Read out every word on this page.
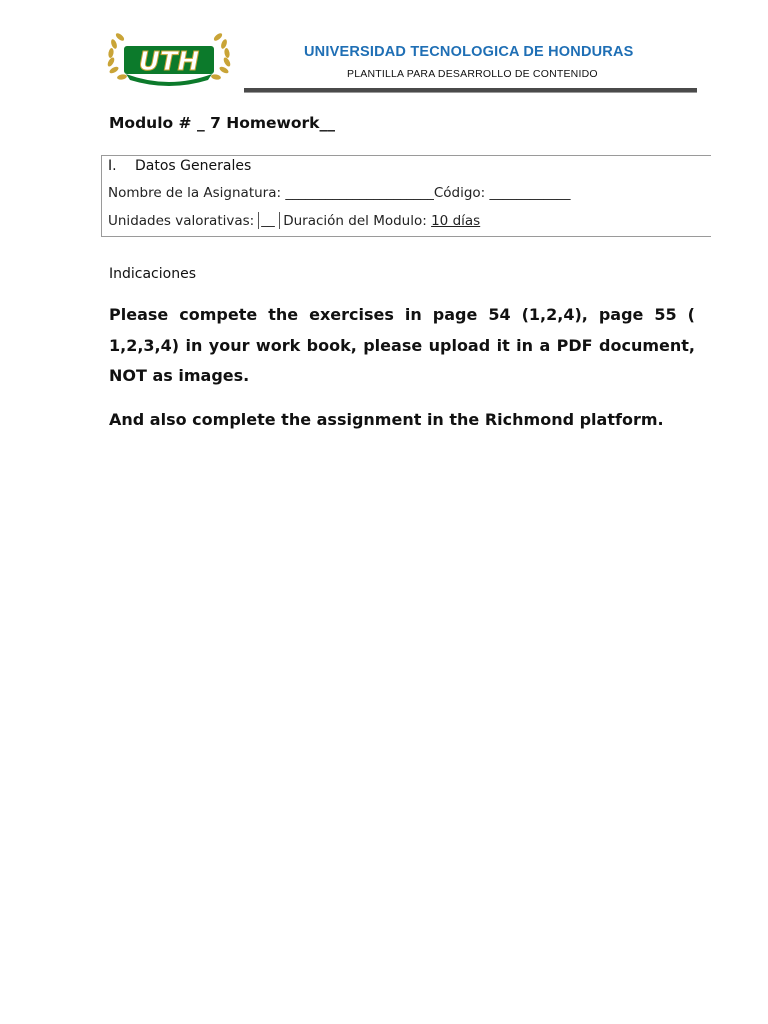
UTH	UNIVERSIDAD TECNOLOGICA DE HONDURAS
PLANTILLA PARA DESARROLLO DE CONTENIDO
Modulo # _ 7 Homework__
I. Datos Generales
Nombre de la Asignatura: ______________________Código: ____________
Unidades valorativas: __ Duración del Modulo: 10 días
Indicaciones

Please compete the exercises in page 54 (1,2,4), page 55 ( 1,2,3,4) in your work book, please upload it in a PDF document, NOT as images.

And also complete the assignment in the Richmond platform.
